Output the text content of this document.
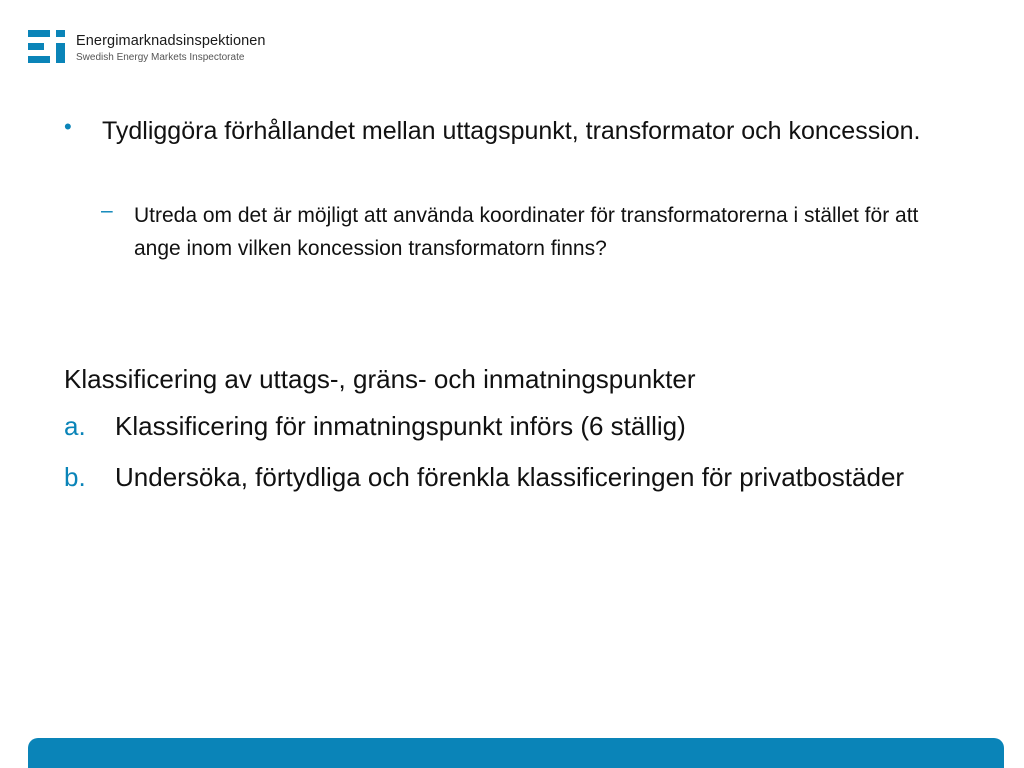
Energimarknadsinspektionen
Swedish Energy Markets Inspectorate
• Tydliggöra förhållandet mellan uttagspunkt, transformator och koncession.
– Utreda om det är möjligt att använda koordinater för transformatorerna i stället för att ange inom vilken koncession transformatorn finns?
Klassificering av uttags-, gräns- och inmatningspunkter
a. Klassificering för inmatningspunkt införs (6 ställig)
b. Undersöka, förtydliga och förenkla klassificeringen för privatbostäder
